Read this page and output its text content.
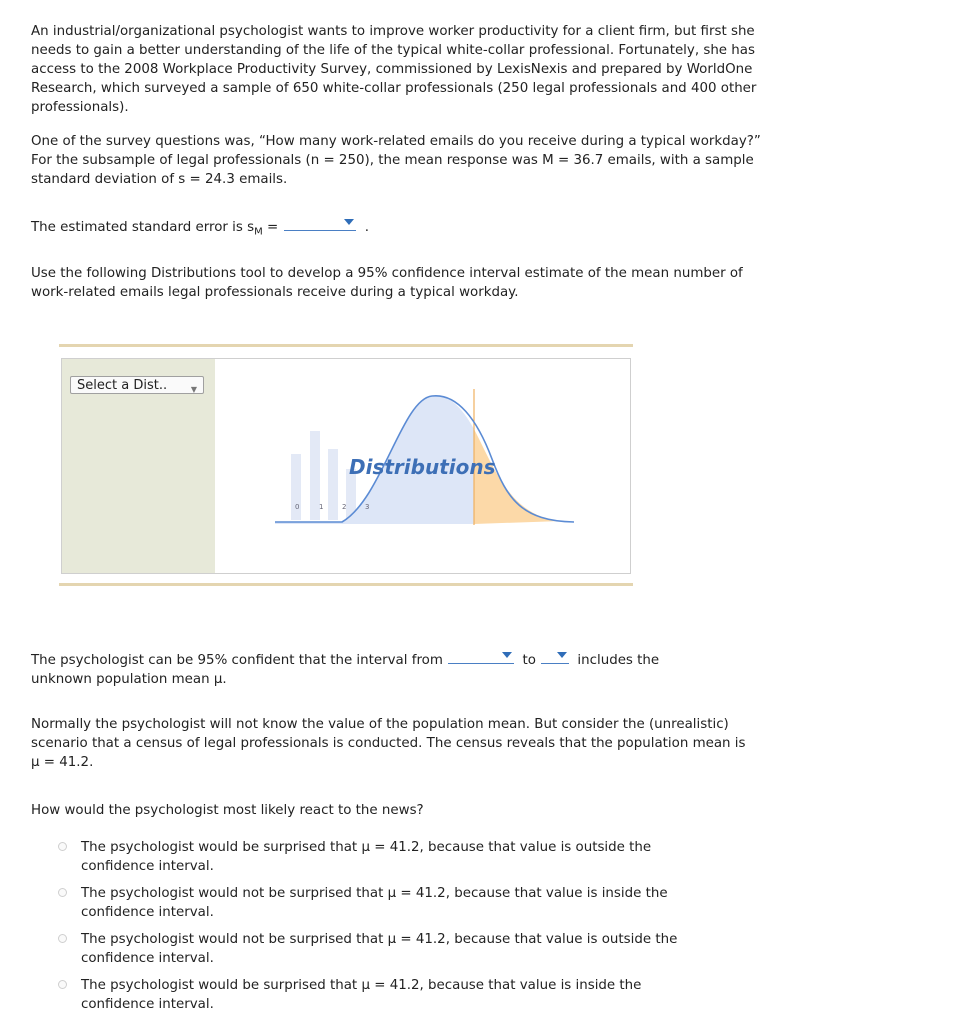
An industrial/organizational psychologist wants to improve worker productivity for a client firm, but first she needs to gain a better understanding of the life of the typical white-collar professional. Fortunately, she has access to the 2008 Workplace Productivity Survey, commissioned by LexisNexis and prepared by WorldOne Research, which surveyed a sample of 650 white-collar professionals (250 legal professionals and 400 other professionals).

One of the survey questions was, “How many work-related emails do you receive during a typical workday?” For the subsample of legal professionals (n = 250), the mean response was M = 36.7 emails, with a sample standard deviation of s = 24.3 emails.

The estimated standard error is $s_M$ =	.

Use the following Distributions tool to develop a 95% confidence interval estimate of the mean number of work-related emails legal professionals receive during a typical workday.

Select a Dist..	▼
0	1	2	3
Distributions
The psychologist can be 95% confident that the interval from	to	includes the
unknown population mean μ.

Normally the psychologist will not know the value of the population mean. But consider the (unrealistic) scenario that a census of legal professionals is conducted. The census reveals that the population mean is μ = 41.2.

How would the psychologist most likely react to the news?

The psychologist would be surprised that μ = 41.2, because that value is outside the
confidence interval.
The psychologist would not be surprised that μ = 41.2, because that value is inside the
confidence interval.
The psychologist would not be surprised that μ = 41.2, because that value is outside the
confidence interval.
The psychologist would be surprised that μ = 41.2, because that value is inside the
confidence interval.
